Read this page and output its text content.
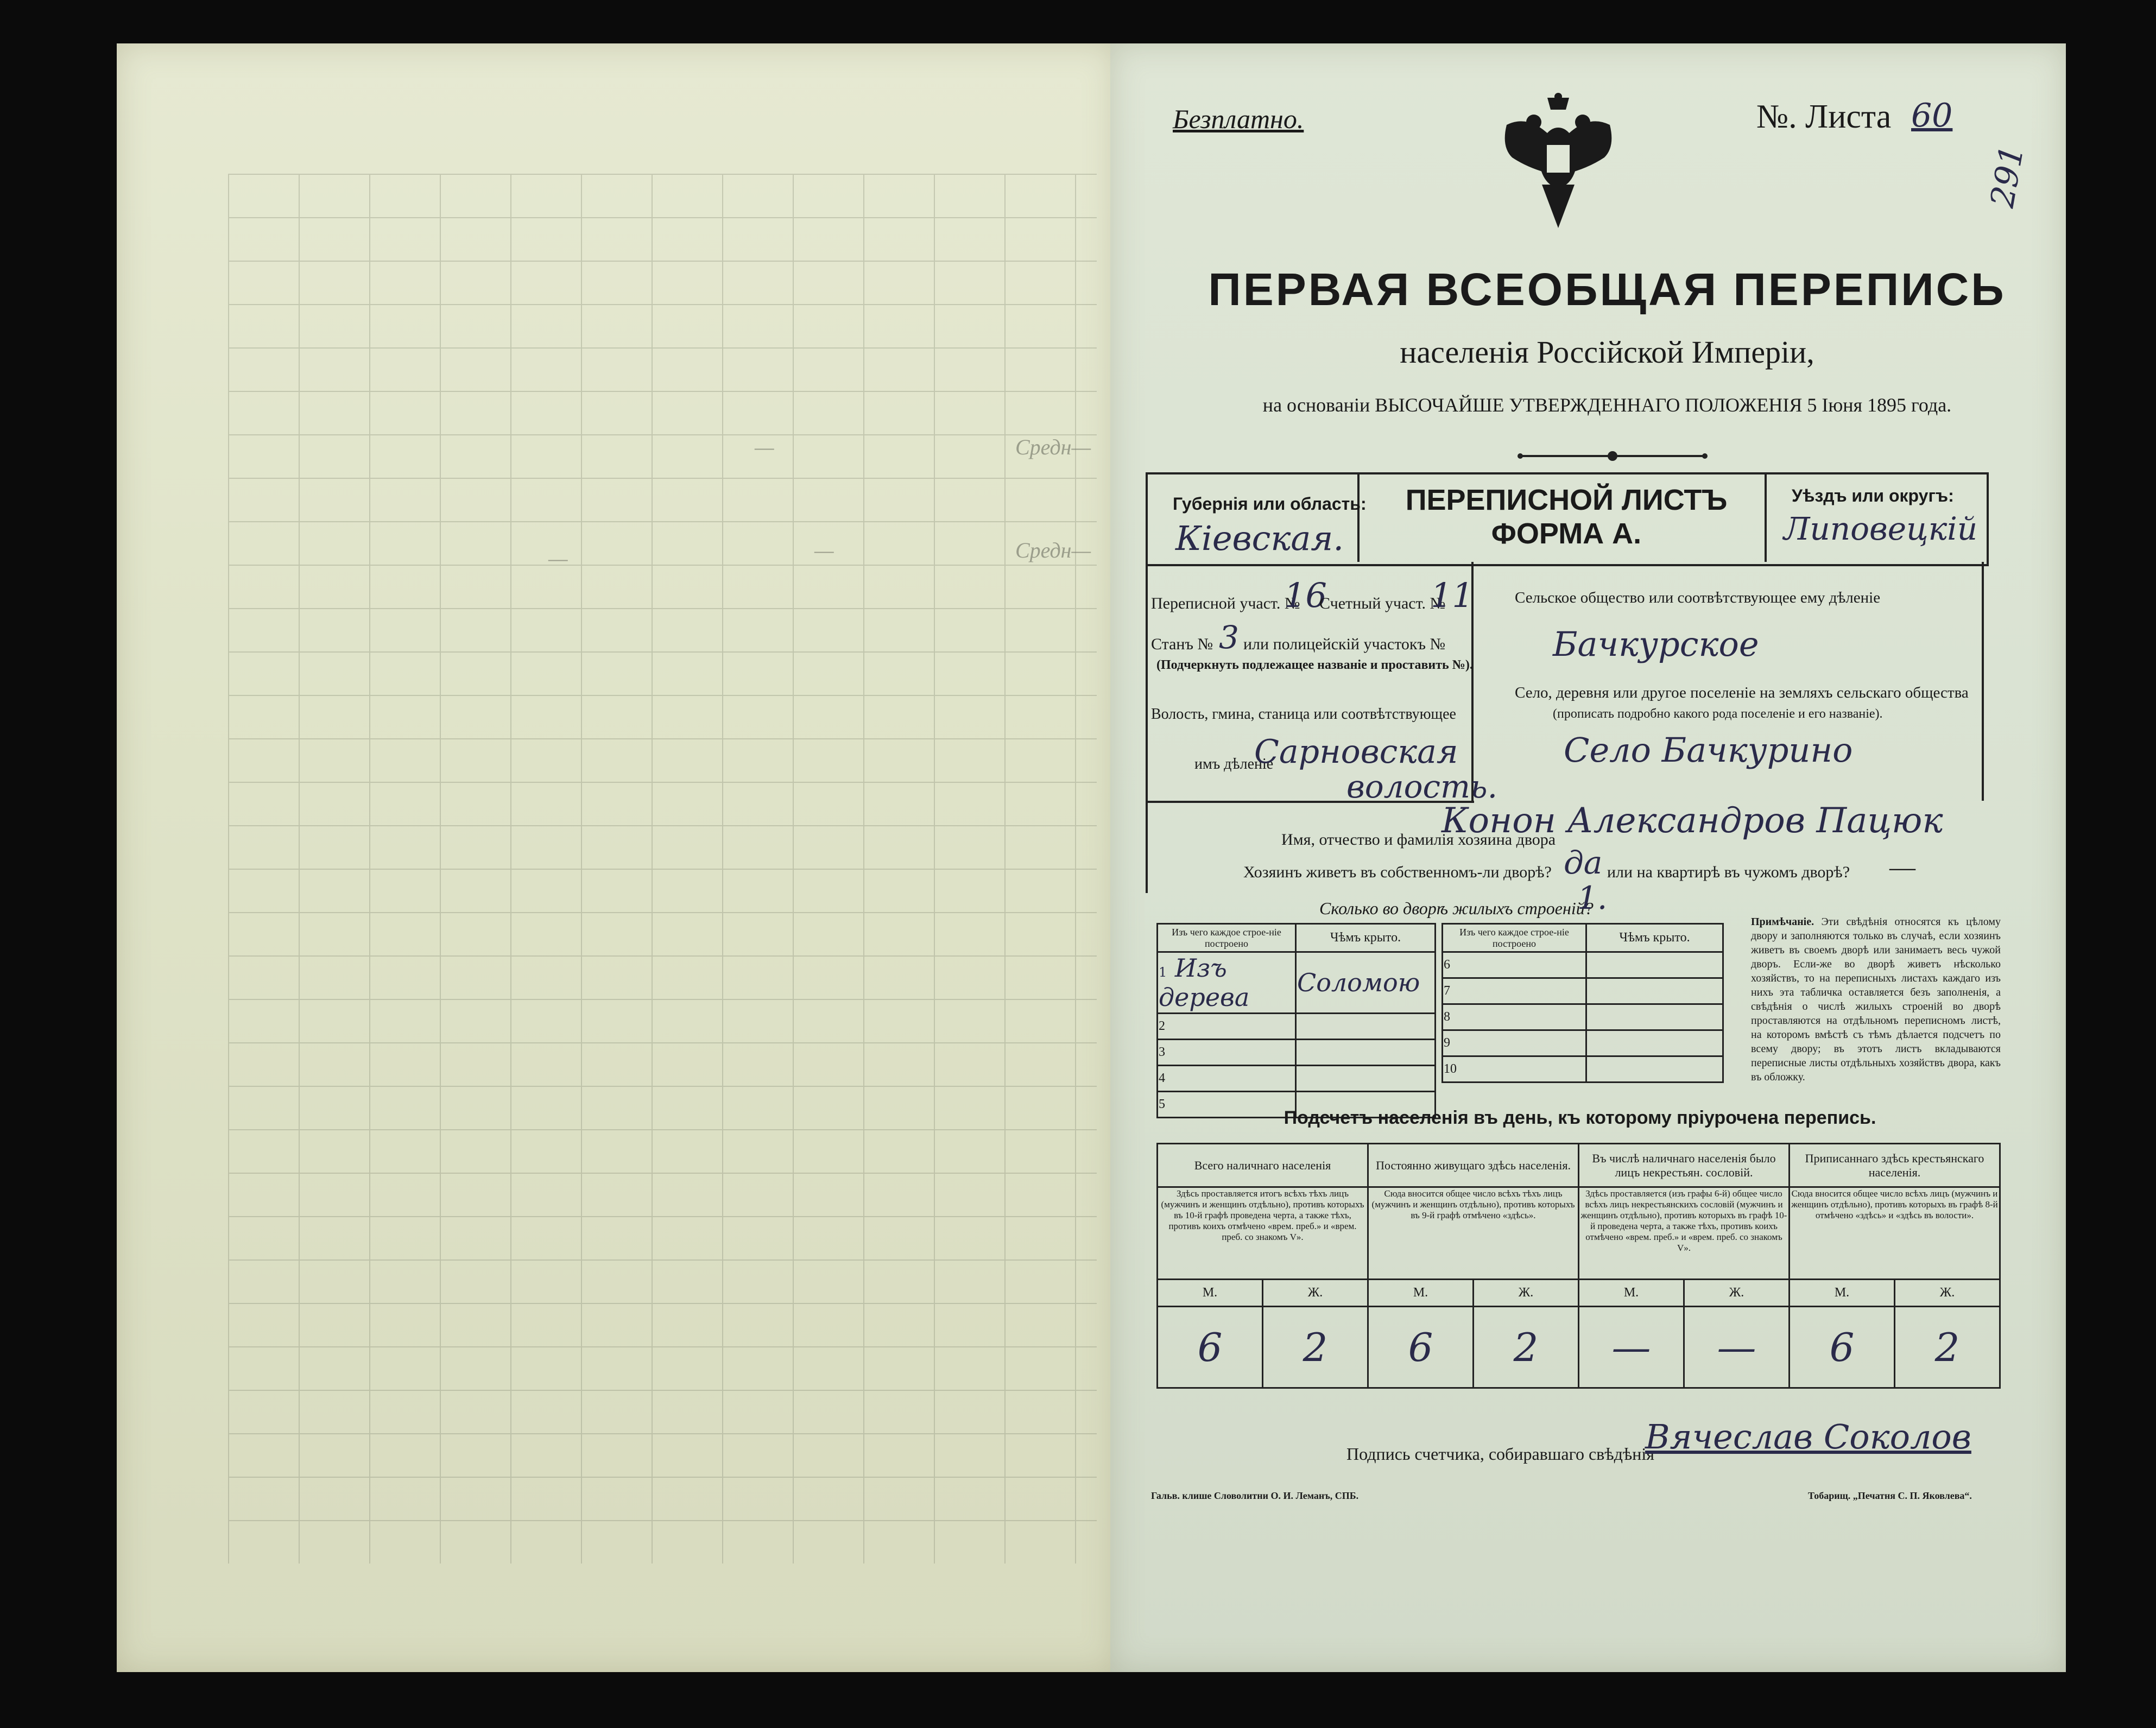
Средн—
—
Средн—
—
—
Безплатно.	№. Листа 60
291
ПЕРВАЯ ВСЕОБЩАЯ ПЕРЕПИСЬ
населенія Россійской Имперіи,
на основаніи ВЫСОЧАЙШЕ УТВЕРЖДЕННАГО ПОЛОЖЕНІЯ 5 Іюня 1895 года.
Губернія или область:
Кіевская.
ПЕРЕПИСНОЙ ЛИСТЪ
ФОРМА А.
Уѣздъ или округъ:
Липовецкій
Переписной участ. №
16
Счетный участ. №
11
Станъ № 3 или полицейскій участокъ №
(Подчеркнуть подлежащее названіе и проставить №).
Волость, гмина, станица или соотвѣтствующее
имъ дѣленіе
Сарновская
волость.
Сельское общество или соотвѣтствующее ему дѣленіе
Бачкурское
Село, деревня или другое поселеніе на земляхъ сельскаго общества
(прописать подробно какого рода поселеніе и его названіе).
Село Бачкурино
Имя, отчество и фамилія хозяина двора
Конон Александров Пацюк
Хозяинъ живетъ въ собственномъ-ли дворѣ? да или на квартирѣ въ чужомъ дворѣ? —
Сколько во дворѣ жилыхъ строеній?
1.
Изъ чего каждое строе-ніе построено	Чѣмъ крыто.
1 Изъ дерева	Соломою
2	
3	
4	
5	
Изъ чего каждое строе-ніе построено	Чѣмъ крыто.
6	
7	
8	
9	
10	
Примѣчаніе. Эти свѣдѣнія относятся къ цѣлому двору и заполняются только въ случаѣ, если хозяинъ живетъ въ своемъ дворѣ или занимаетъ весь чужой дворъ. Если-же во дворѣ живетъ нѣсколько хозяйствъ, то на переписныхъ листахъ каждаго изъ нихъ эта табличка оставляется безъ заполненія, а свѣдѣнія о числѣ жилыхъ строеній во дворѣ проставляются на отдѣльномъ переписномъ листѣ, на которомъ вмѣстѣ съ тѣмъ дѣлается подсчетъ по всему двору; въ этотъ листъ вкладываются переписные листы отдѣльныхъ хозяйствъ двора, какъ въ обложку.
Подсчетъ населенія въ день, къ которому пріурочена перепись.
Всего наличнаго населенія		Постоянно живущаго здѣсь населенія.		Въ числѣ наличнаго населенія было лицъ некрестьян. сословій.		Приписаннаго здѣсь крестьянскаго населенія.	
Здѣсь проставляется итогъ всѣхъ тѣхъ лицъ (мужчинъ и женщинъ отдѣльно), противъ которыхъ въ 10-й графѣ проведена черта, а также тѣхъ, противъ коихъ отмѣчено «врем. преб.» и «врем. преб. со знакомъ V».		Сюда вносится общее число всѣхъ тѣхъ лицъ (мужчинъ и женщинъ отдѣльно), противъ которыхъ въ 9-й графѣ отмѣчено «здѣсь».		Здѣсь проставляется (изъ графы 6-й) общее число всѣхъ лицъ некрестьянскихъ сословій (мужчинъ и женщинъ отдѣльно), противъ которыхъ въ графѣ 10-й проведена черта, а также тѣхъ, противъ коихъ отмѣчено «врем. преб.» и «врем. преб. со знакомъ V».		Сюда вносится общее число всѣхъ лицъ (мужчинъ и женщинъ отдѣльно), противъ которыхъ въ графѣ 8-й отмѣчено «здѣсь» и «здѣсь въ волости».	
М.	Ж.	М.	Ж.	М.	Ж.	М.	Ж.
6	2	6	2	—	—	6	2
Подпись счетчика, собиравшаго свѣдѣнія
Вячеслав Соколов
Гальв. клише Словолитни О. И. Леманъ, СПБ.	Тобарищ. „Печатня С. П. Яковлева“.
